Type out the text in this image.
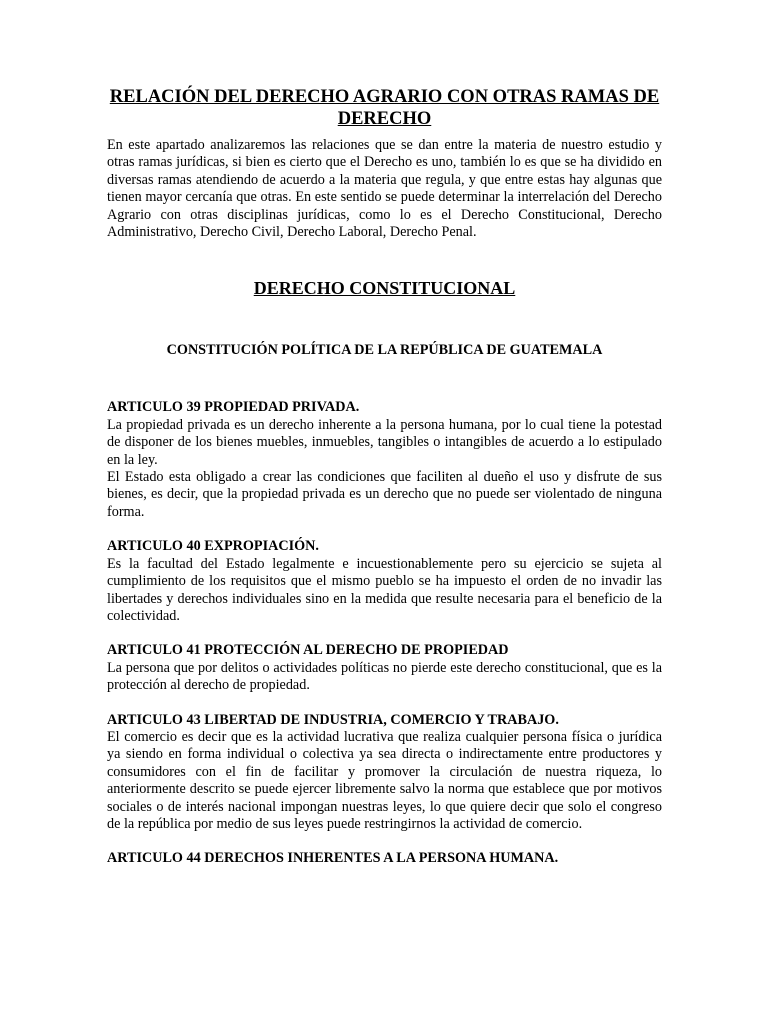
RELACIÓN DEL DERECHO AGRARIO CON OTRAS RAMAS DE DERECHO

En este apartado analizaremos las relaciones que se dan entre la materia de nuestro estudio y otras ramas jurídicas, si bien es cierto que el Derecho es uno, también lo es que se ha dividido en diversas ramas atendiendo de acuerdo a la materia que regula, y que entre estas hay algunas que tienen mayor cercanía que otras. En este sentido se puede determinar la interrelación del Derecho Agrario con otras disciplinas jurídicas, como lo es el Derecho Constitucional, Derecho Administrativo, Derecho Civil, Derecho Laboral, Derecho Penal.

DERECHO CONSTITUCIONAL
CONSTITUCIÓN POLÍTICA DE LA REPÚBLICA DE GUATEMALA

ARTICULO 39 PROPIEDAD PRIVADA.

La propiedad privada es un derecho inherente a la persona humana, por lo cual tiene la potestad de disponer de los bienes muebles, inmuebles, tangibles o intangibles de acuerdo a lo estipulado en la ley.

El Estado esta obligado a crear las condiciones que faciliten al dueño el uso y disfrute de sus bienes, es decir, que la propiedad privada es un derecho que no puede ser violentado de ninguna forma.

ARTICULO 40 EXPROPIACIÓN.

Es la facultad del Estado legalmente e incuestionablemente pero su ejercicio se sujeta al cumplimiento de los requisitos que el mismo pueblo se ha impuesto el orden de no invadir las libertades y derechos individuales sino en la medida que resulte necesaria para el beneficio de la colectividad.

ARTICULO 41 PROTECCIÓN AL DERECHO DE PROPIEDAD

La persona que por delitos o actividades políticas no pierde este derecho constitucional, que es la protección al derecho de propiedad.

ARTICULO 43 LIBERTAD DE INDUSTRIA, COMERCIO Y TRABAJO.

El comercio es decir que es la actividad lucrativa que realiza cualquier persona física o jurídica ya siendo en forma individual o colectiva ya sea directa o indirectamente entre productores y consumidores con el fin de facilitar y promover la circulación de nuestra riqueza, lo anteriormente descrito se puede ejercer libremente salvo la norma que establece que por motivos sociales o de interés nacional impongan nuestras leyes, lo que quiere decir que solo el congreso de la república por medio de sus leyes puede restringirnos la actividad de comercio.

ARTICULO 44 DERECHOS INHERENTES A LA PERSONA HUMANA.
